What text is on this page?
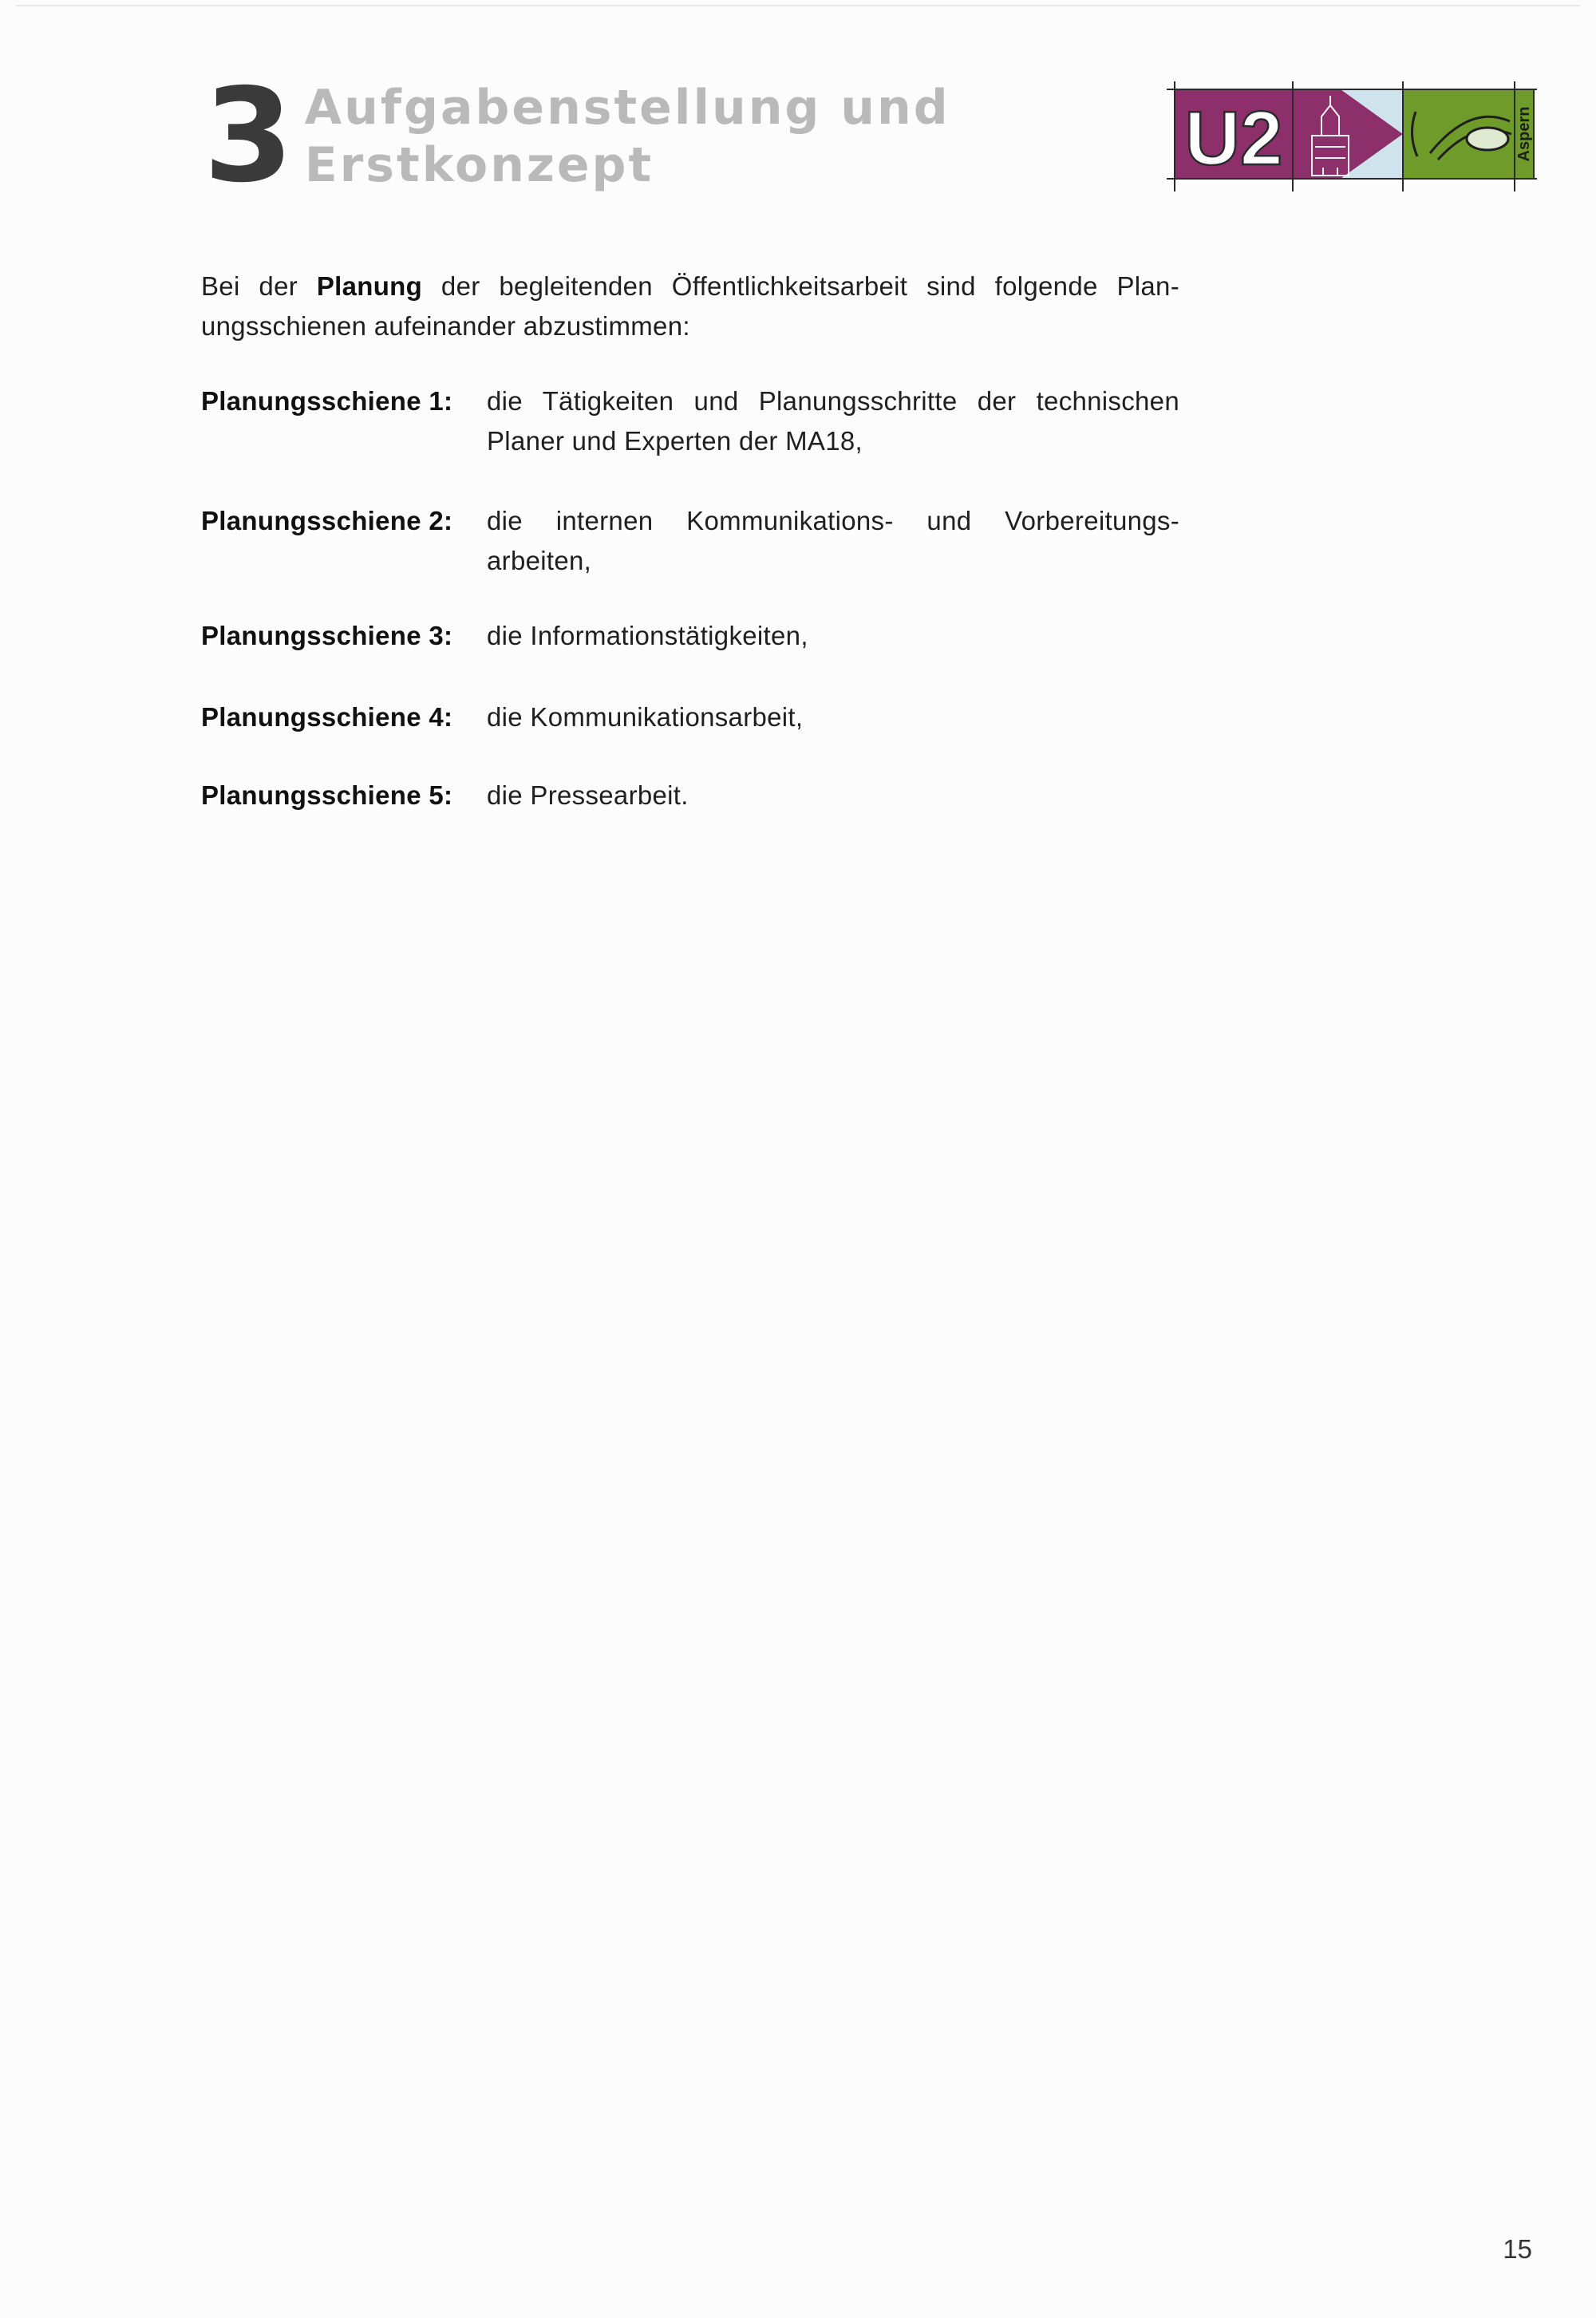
3 Aufgabenstellung und
Erstkonzept	U2	Aspern

Bei der Planung der begleitenden Öffentlichkeitsarbeit sind folgende Plan-
ungsschienen aufeinander abzustimmen:

Planungsschiene 1:	die Tätigkeiten und Planungsschritte der technischen
Planer und Experten der MA18,
Planungsschiene 2:	die internen Kommunikations- und Vorbereitungs-
arbeiten,
Planungsschiene 3:	die Informationstätigkeiten,
Planungsschiene 4:	die Kommunikationsarbeit,
Planungsschiene 5:	die Pressearbeit.
15
